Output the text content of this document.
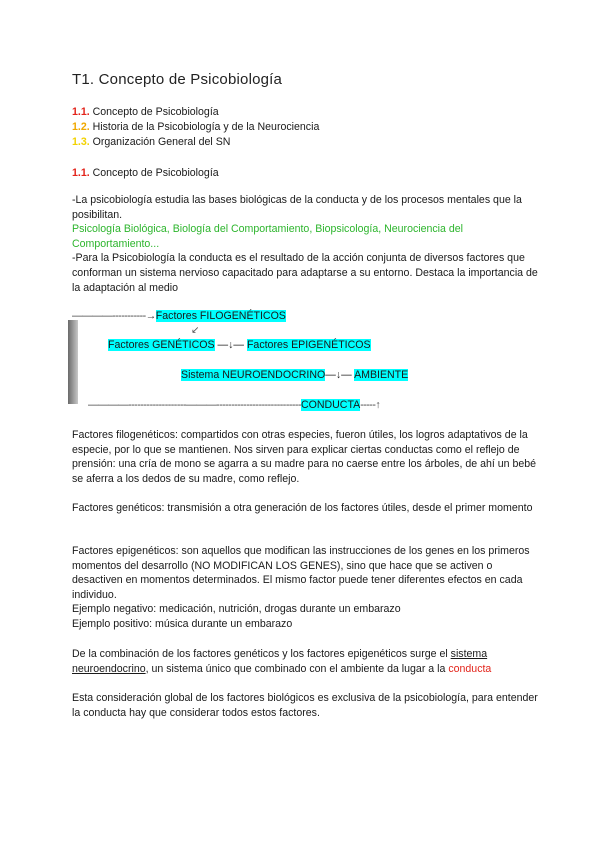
T1. Concepto de Psicobiología
1.1. Concepto de Psicobiología
1.2. Historia de la Psicobiología y de la Neurociencia
1.3. Organización General del SN
1.1. Concepto de Psicobiología

-La psicobiología estudia las bases biológicas de la conducta y de los procesos mentales que la posibilitan.

Psicología Biológica, Biología del Comportamiento, Biopsicología, Neurociencia del Comportamiento...

-Para la Psicobiología la conducta es el resultado de la acción conjunta de diversos factores que conforman un sistema nervioso capacitado para adaptarse a su entorno. Destaca la importancia de la adaptación al medio

————-----------→Factores FILOGENÉTICOS
↙
Factores GENÉTICOS —↓— Factores EPIGENÉTICOS
Sistema NEUROENDOCRINO—↓— AMBIENTE
————-------------------———----------------------------CONDUCTA-----↑
Factores filogenéticos: compartidos con otras especies, fueron útiles, los logros adaptativos de la especie, por lo que se mantienen. Nos sirven para explicar ciertas conductas como el reflejo de prensión: una cría de mono se agarra a su madre para no caerse entre los árboles, de ahí un bebé se aferra a los dedos de su madre, como reflejo.
Factores genéticos: transmisión a otra generación de los factores útiles, desde el primer momento

Factores epigenéticos: son aquellos que modifican las instrucciones de los genes en los primeros momentos del desarrollo (NO MODIFICAN LOS GENES), sino que hace que se activen o desactiven en momentos determinados. El mismo factor puede tener diferentes efectos en cada individuo.

Ejemplo negativo: medicación, nutrición, drogas durante un embarazo

Ejemplo positivo: música durante un embarazo

De la combinación de los factores genéticos y los factores epigenéticos surge el sistema neuroendocrino, un sistema único que combinado con el ambiente da lugar a la conducta
Esta consideración global de los factores biológicos es exclusiva de la psicobiología, para entender la conducta hay que considerar todos estos factores.
